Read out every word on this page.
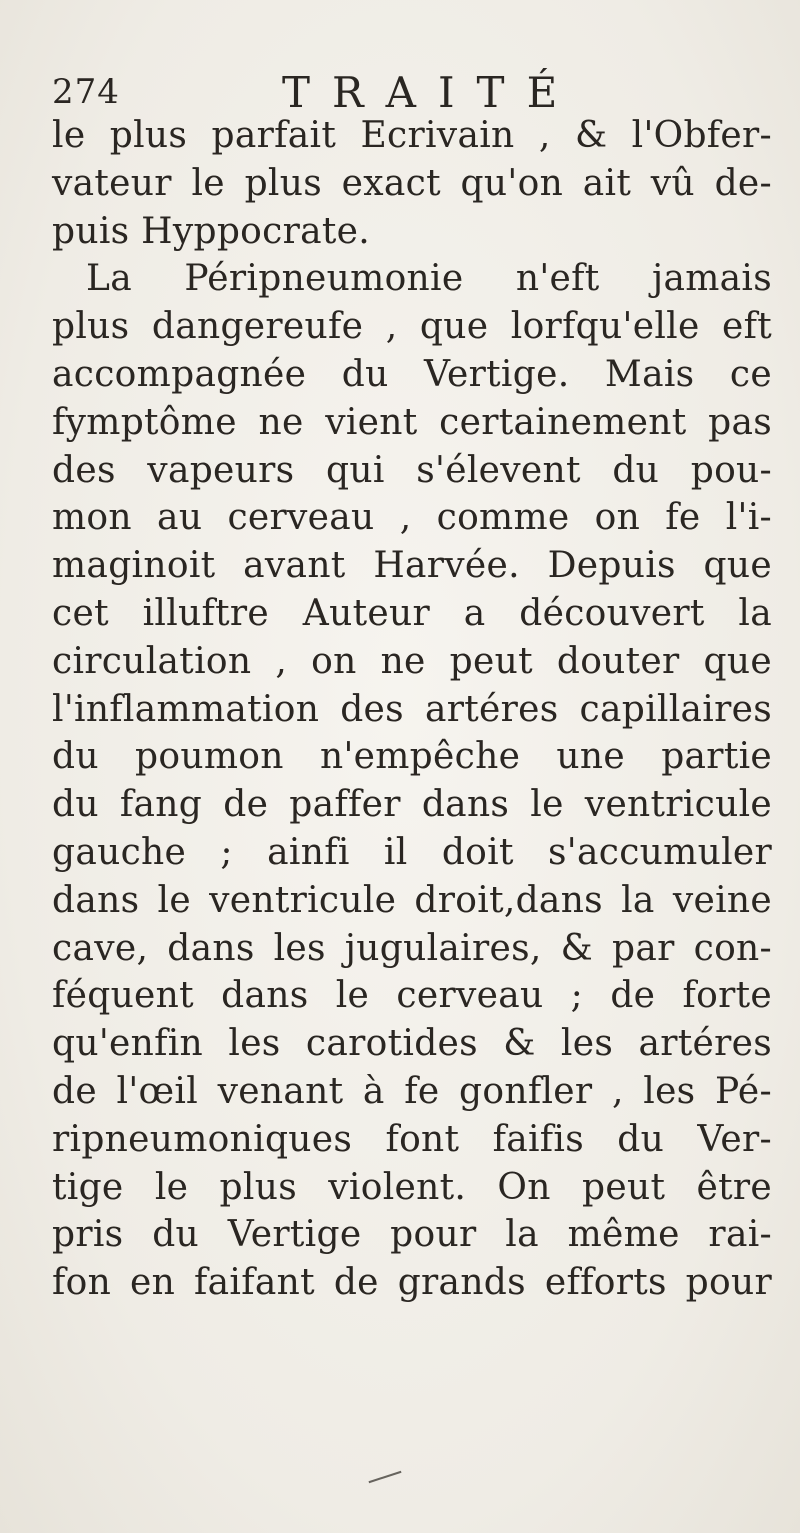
274	TRAITÉ
le plus parfait Ecrivain , & l'Obfer-
vateur le plus exact qu'on ait vû de-
puis Hyppocrate.
La Péripneumonie n'eft jamais
plus dangereufe , que lorfqu'elle eft
accompagnée du Vertige. Mais ce
fymptôme ne vient certainement pas
des vapeurs qui s'élevent du pou-
mon au cerveau , comme on fe l'i-
maginoit avant Harvée. Depuis que
cet illuftre Auteur a découvert la
circulation , on ne peut douter que
l'inflammation des artéres capillaires
du poumon n'empêche une partie
du fang de paffer dans le ventricule
gauche ; ainfi il doit s'accumuler
dans le ventricule droit,dans la veine
cave, dans les jugulaires, & par con-
féquent dans le cerveau ; de forte
qu'enfin les carotides & les artéres
de l'œil venant à fe gonfler , les Pé-
ripneumoniques font faifis du Ver-
tige le plus violent. On peut être
pris du Vertige pour la même rai-
fon en faifant de grands efforts pour
